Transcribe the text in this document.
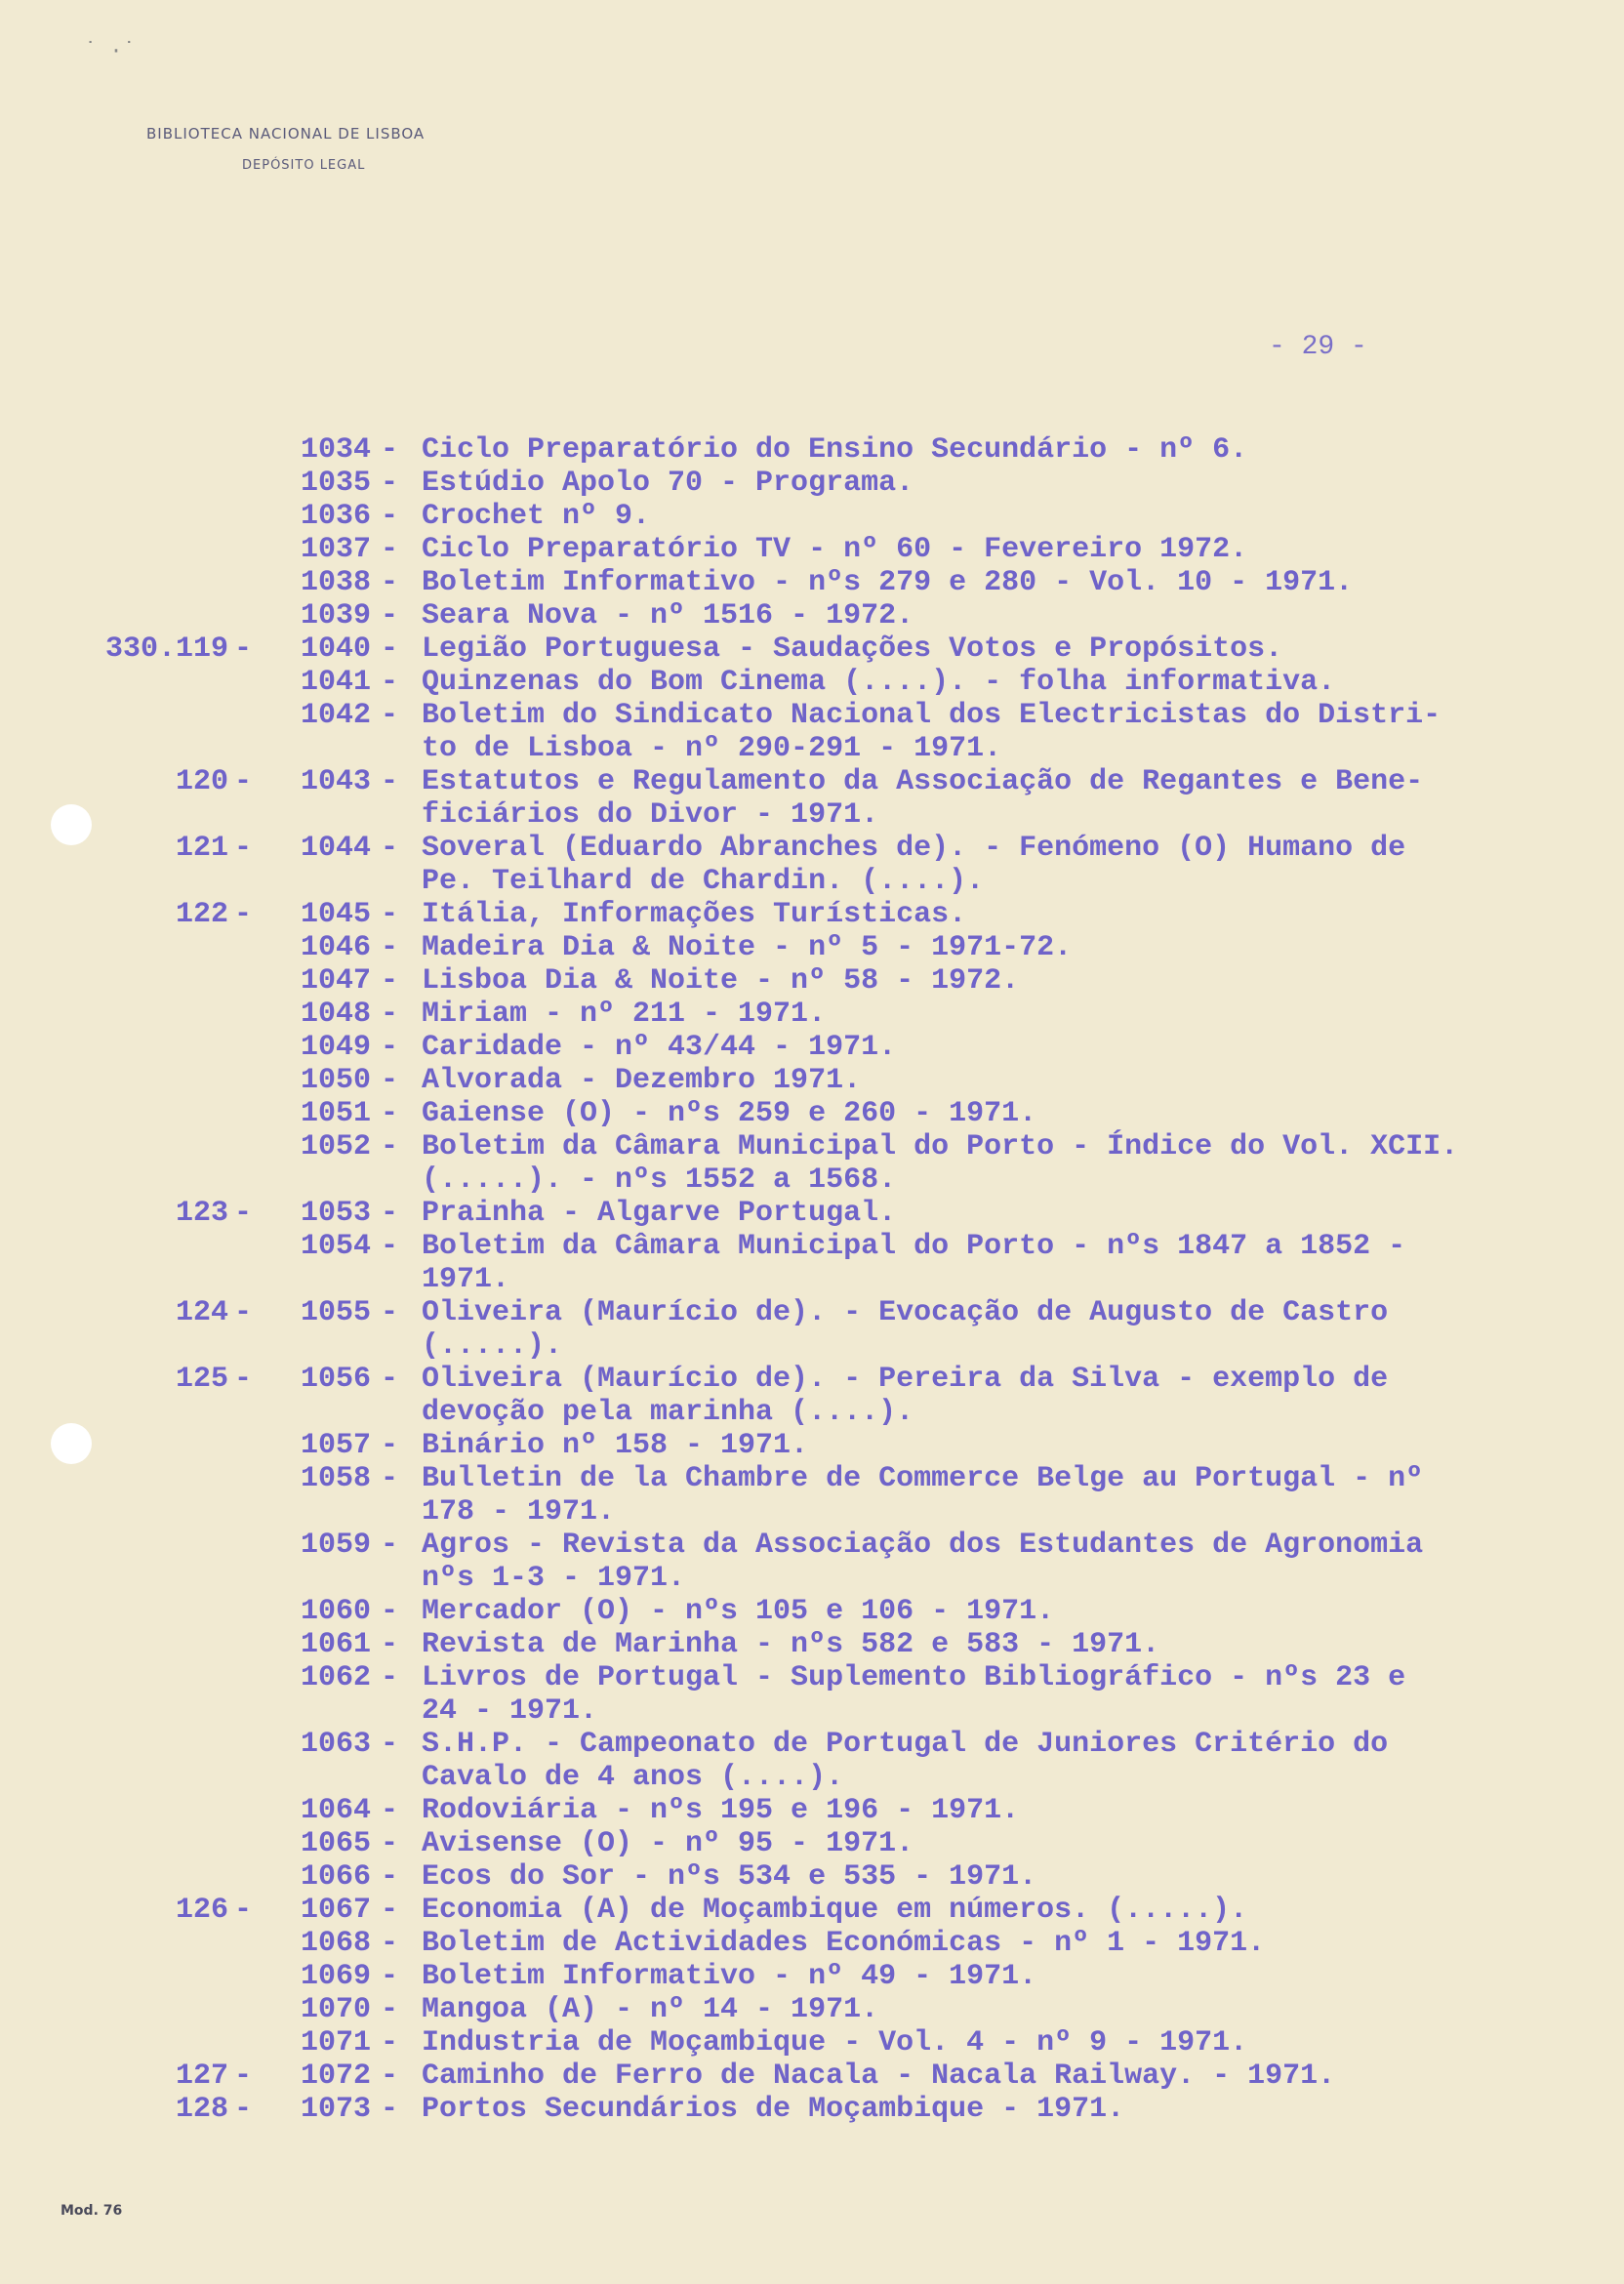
˙ ·˙
BIBLIOTECA NACIONAL DE LISBOA
DEPÓSITO LEGAL
- 29 -
1034 - Ciclo Preparatório do Ensino Secundário - nº 6.
1035 - Estúdio Apolo 70 - Programa.
1036 - Crochet nº 9.
1037 - Ciclo Preparatório TV - nº 60 - Fevereiro 1972.
1038 - Boletim Informativo - nºs 279 e 280 - Vol. 10 - 1971.
1039 - Seara Nova - nº 1516 - 1972.
330.119 - 1040 - Legião Portuguesa - Saudações Votos e Propósitos.
1041 - Quinzenas do Bom Cinema (....). - folha informativa.
1042 - Boletim do Sindicato Nacional dos Electricistas do Distri-
to de Lisboa - nº 290-291 - 1971.
120 - 1043 - Estatutos e Regulamento da Associação de Regantes e Bene-
ficiários do Divor - 1971.
121 - 1044 - Soveral (Eduardo Abranches de). - Fenómeno (O) Humano de
Pe. Teilhard de Chardin. (....).
122 - 1045 - Itália, Informações Turísticas.
1046 - Madeira Dia & Noite - nº 5 - 1971-72.
1047 - Lisboa Dia & Noite - nº 58 - 1972.
1048 - Miriam - nº 211 - 1971.
1049 - Caridade - nº 43/44 - 1971.
1050 - Alvorada - Dezembro 1971.
1051 - Gaiense (O) - nºs 259 e 260 - 1971.
1052 - Boletim da Câmara Municipal do Porto - Índice do Vol. XCII.
(.....). - nºs 1552 a 1568.
123 - 1053 - Prainha - Algarve Portugal.
1054 - Boletim da Câmara Municipal do Porto - nºs 1847 a 1852 -
1971.
124 - 1055 - Oliveira (Maurício de). - Evocação de Augusto de Castro
(.....).
125 - 1056 - Oliveira (Maurício de). - Pereira da Silva - exemplo de
devoção pela marinha (....).
1057 - Binário nº 158 - 1971.
1058 - Bulletin de la Chambre de Commerce Belge au Portugal - nº
178 - 1971.
1059 - Agros - Revista da Associação dos Estudantes de Agronomia
nºs 1-3 - 1971.
1060 - Mercador (O) - nºs 105 e 106 - 1971.
1061 - Revista de Marinha - nºs 582 e 583 - 1971.
1062 - Livros de Portugal - Suplemento Bibliográfico - nºs 23 e
24 - 1971.
1063 - S.H.P. - Campeonato de Portugal de Juniores Critério do
Cavalo de 4 anos (....).
1064 - Rodoviária - nºs 195 e 196 - 1971.
1065 - Avisense (O) - nº 95 - 1971.
1066 - Ecos do Sor - nºs 534 e 535 - 1971.
126 - 1067 - Economia (A) de Moçambique em números. (.....).
1068 - Boletim de Actividades Económicas - nº 1 - 1971.
1069 - Boletim Informativo - nº 49 - 1971.
1070 - Mangoa (A) - nº 14 - 1971.
1071 - Industria de Moçambique - Vol. 4 - nº 9 - 1971.
127 - 1072 - Caminho de Ferro de Nacala - Nacala Railway. - 1971.
128 - 1073 - Portos Secundários de Moçambique - 1971.
Mod. 76
